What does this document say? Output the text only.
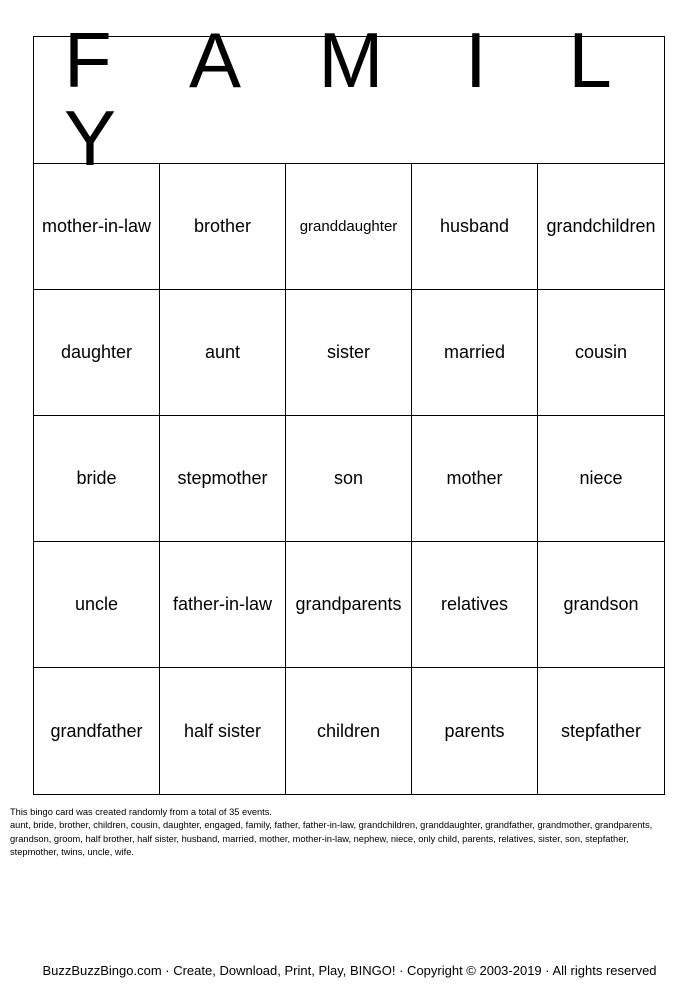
F A M I L Y
mother-in-law	brother	granddaughter	husband	grandchildren
daughter	aunt	sister	married	cousin
bride	stepmother	son	mother	niece
uncle	father-in-law	grandparents	relatives	grandson
grandfather	half sister	children	parents	stepfather
This bingo card was created randomly from a total of 35 events.
aunt, bride, brother, children, cousin, daughter, engaged, family, father, father-in-law, grandchildren, granddaughter, grandfather, grandmother, grandparents,
grandson, groom, half brother, half sister, husband, married, mother, mother-in-law, nephew, niece, only child, parents, relatives, sister, son, stepfather,
stepmother, twins, uncle, wife.
BuzzBuzzBingo.com · Create, Download, Print, Play, BINGO! · Copyright © 2003-2019 · All rights reserved
